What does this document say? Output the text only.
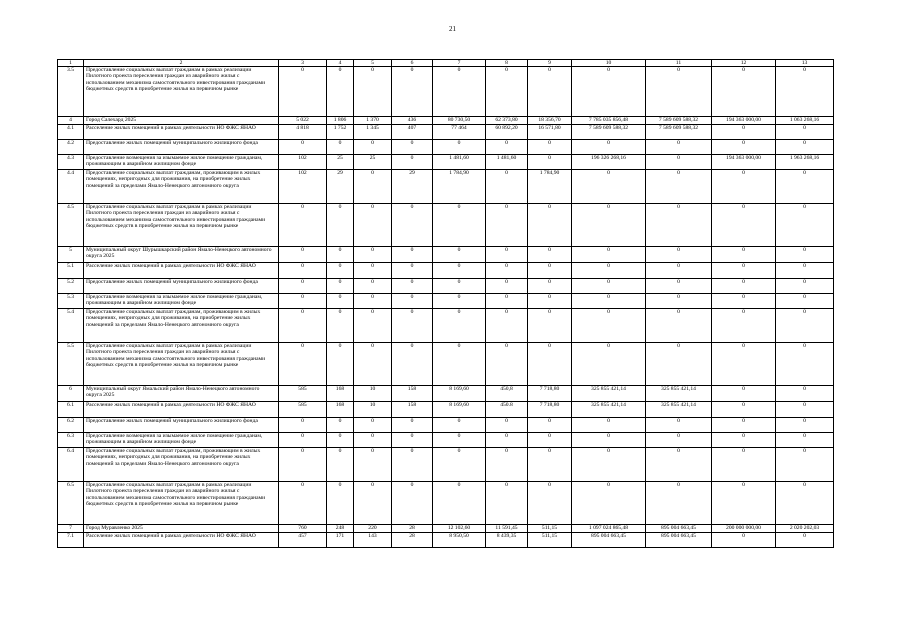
21
1	2	3	4	5	6	7	8	9	10	11	12	13
3.5	Предоставление социальных выплат гражданам в рамках реализации Пилотного проекта переселения граждан из аварийного жилья с использованием механизма самостоятельного инвестирования гражданами бюджетных средств в приобретение жилья на первичном рынке	0	0	0	0	0	0	0	0	0	0	0
4	Город Салехард 2025	5 022	1 806	1 370	436	80 730,50	62 373,80	18 356,70	7 785 035 856,48	7 589 609 588,32	194 363 000,00	1 063 268,16
4.1	Расселение жилых помещений в рамках деятельности НО ФЖС ЯНАО	4 818	1 752	1 345	407	77 464	60 892,20	16 571,80	7 589 609 588,32	7 589 609 588,32	0	0
4.2	Предоставление жилых помещений муниципального жилищного фонда	0	0	0	0	0	0	0	0	0	0	0
4.3	Предоставление возмещения за изымаемое жилое помещение гражданам, проживающим в аварийном жилищном фонде	102	25	25	0	1 481,60	1 481,60	0	196 326 268,16	0	194 363 000,00	1 963 268,16
4.4	Предоставление социальных выплат гражданам, проживающим в жилых помещениях, непригодных для проживания, на приобретение жилых помещений за пределами Ямало-Ненецкого автономного округа	102	29	0	29	1 784,90	0	1 784,90	0	0	0	0
4.5	Предоставление социальных выплат гражданам в рамках реализации Пилотного проекта переселения граждан из аварийного жилья с использованием механизма самостоятельного инвестирования гражданами бюджетных средств в приобретение жилья на первичном рынке	0	0	0	0	0	0	0	0	0	0	0
5	Муниципальный округ Шурышкарский район Ямало-Ненецкого автономного округа 2025	0	0	0	0	0	0	0	0	0	0	0
5.1	Расселение жилых помещений в рамках деятельности НО ФЖС ЯНАО	0	0	0	0	0	0	0	0	0	0	0
5.2	Предоставление жилых помещений муниципального жилищного фонда	0	0	0	0	0	0	0	0	0	0	0
5.3	Предоставление возмещения за изымаемое жилое помещение гражданам, проживающим в аварийном жилищном фонде	0	0	0	0	0	0	0	0	0	0	0
5.4	Предоставление социальных выплат гражданам, проживающим в жилых помещениях, непригодных для проживания, на приобретение жилых помещений за пределами Ямало-Ненецкого автономного округа	0	0	0	0	0	0	0	0	0	0	0
5.5	Предоставление социальных выплат гражданам в рамках реализации Пилотного проекта переселения граждан из аварийного жилья с использованием механизма самостоятельного инвестирования гражданами бюджетных средств в приобретение жилья на первичном рынке	0	0	0	0	0	0	0	0	0	0	0
6	Муниципальный округ Ямальский район Ямало-Ненецкого автономного округа 2025	585	168	10	158	8 169,60	450,8	7 718,80	325 855 421,14	325 855 421,14	0	0
6.1	Расселение жилых помещений в рамках деятельности НО ФЖС ЯНАО	585	168	10	158	8 169,60	450.8	7 718,80	325 855 421,14	325 855 421,14	0	0
6.2	Предоставление жилых помещений муниципального жилищного фонда	0	0	0	0	0	0	0	0	0	0	0
6.3	Предоставление возмещения за изымаемое жилое помещение гражданам, проживающим в аварийном жилищном фонде	0	0	0	0	0	0	0	0	0	0	0
6.4	Предоставление социальных выплат гражданам, проживающим в жилых помещениях, непригодных для проживания, на приобретение жилых помещений за пределами Ямало-Ненецкого автономного округа	0	0	0	0	0	0	0	0	0	0	0
6.5	Предоставление социальных выплат гражданам в рамках реализации Пилотного проекта переселения граждан из аварийного жилья с использованием механизма самостоятельного инвестирования гражданами бюджетных средств в приобретение жилья на первичном рынке	0	0	0	0	0	0	0	0	0	0	0
7	Город Муравленко 2025	760	248	220	28	12 102,60	11 591,45	511,15	1 097 024 865,48	895 004 663,45	200 000 000,00	2 020 202,03
7.1	Расселение жилых помещений в рамках деятельности НО ФЖС ЯНАО	457	171	143	28	8 950,50	8 439,35	511,15	895 004 663,45	895 004 663,45	0	0
